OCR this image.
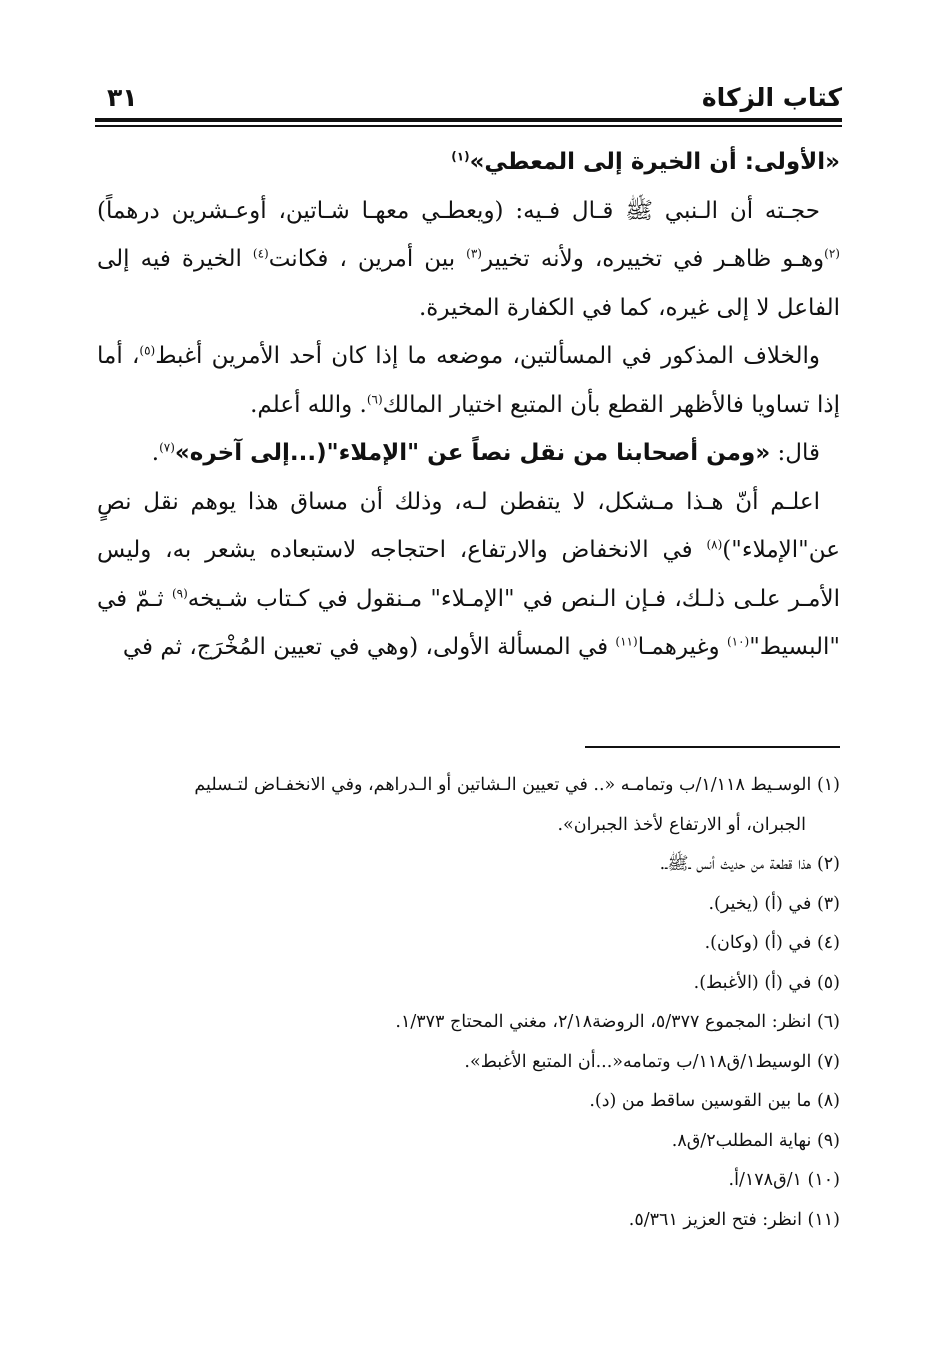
كتاب الزكاة
٣١

«الأولى: أن الخيرة إلى المعطي»$^{(١)}$

حجـته أن الـنبي ﷺ قـال فـيه: (ويعطـي معهـا شـاتين، أوعـشرين درهماً)$^{(٢)}$وهـو ظاهـر في تخييره، ولأنه تخيير$^{(٣)}$ بين أمرين ، فكانت$^{(٤)}$ الخيرة فيه إلى الفاعل لا إلى غيره، كما في الكفارة المخيرة.

والخلاف المذكور في المسألتين، موضعه ما إذا كان أحد الأمرين أغبط$^{(٥)}$، أما إذا تساويا فالأظهر القطع بأن المتبع اختيار المالك$^{(٦)}$. والله أعلم.

قال: «ومن أصحابنا من نقل نصاً عن "الإملاء"(...إلى آخره»$^{(٧)}$.

اعلـم أنّ هـذا مـشكل، لا يتفطن لـه، وذلك أن مساق هذا يوهم نقل نصٍ عن"الإملاء")$^{(٨)}$ في الانخفاض والارتفاع، احتجاجه لاستبعاده يشعر به، وليس الأمـر علـى ذلـك، فـإن الـنص في "الإمـلاء" مـنقول في كـتاب شـيخه$^{(٩)}$ ثـمّ في "البسيط"$^{(١٠)}$ وغيرهمـا$^{(١١)}$ في المسألة الأولى، (وهي في تعيين المُخْرَج، ثم في

(١) الوسـيط ١/١١٨/ب وتمامـه «.. في تعيين الـشاتين أو الـدراهم، وفي الانخفـاض لتـسليم
الجبران، أو الارتفاع لأخذ الجبران».

(٢) هذا قطعة من حديث أنس ـ‌ﷺ‌ـ.

(٣) في (أ) (يخير).

(٤) في (أ) (وكان).

(٥) في (أ) (الأغبط).

(٦) انظر: المجموع ٥/٣٧٧، الروضة٢/١٨، مغني المحتاج ١/٣٧٣.

(٧) الوسيط١/ق١١٨/ب وتمامه«...أن المتبع الأغبط».

(٨) ما بين القوسين ساقط من (د).

(٩) نهاية المطلب٢/ق٨.

(١٠) ١/ق١٧٨/أ.

(١١) انظر: فتح العزيز ٥/٣٦١.
